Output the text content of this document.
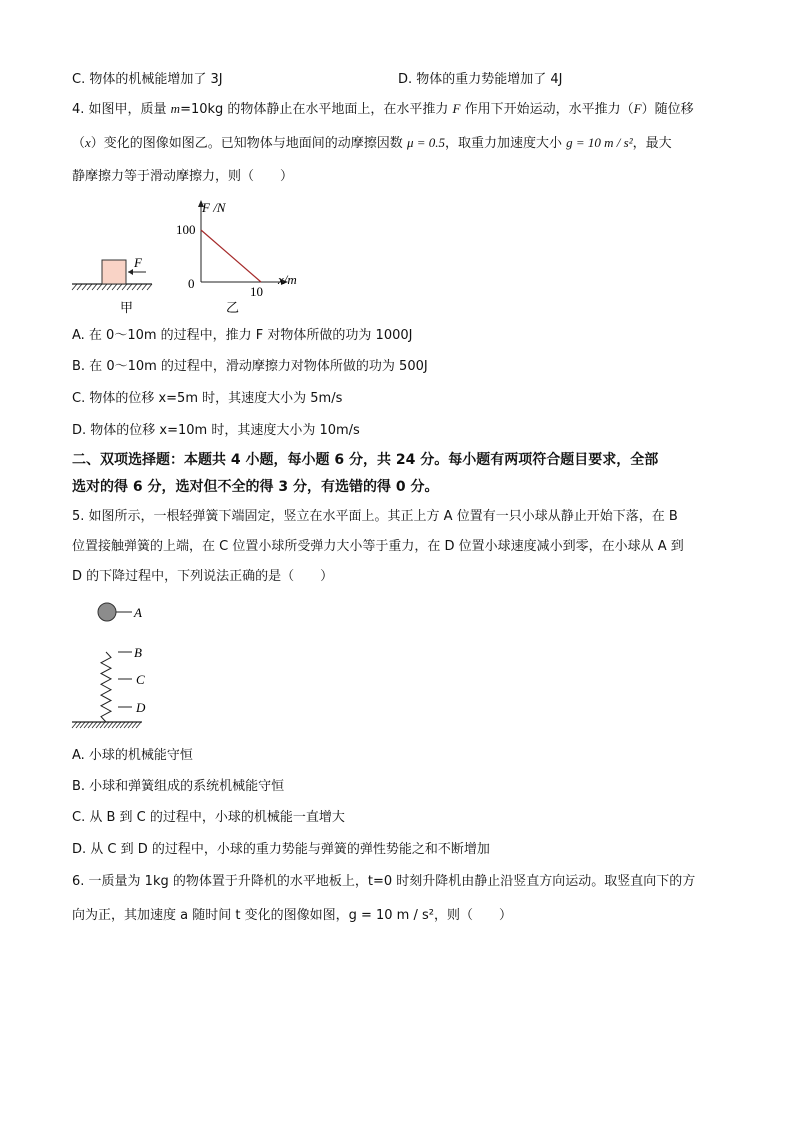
C. 物体的机械能增加了 3J	D. 物体的重力势能增加了 4J
4. 如图甲，质量 m=10kg 的物体静止在水平地面上，在水平推力 F 作用下开始运动，水平推力（F）随位移
（x）变化的图像如图乙。已知物体与地面间的动摩擦因数 μ = 0.5，取重力加速度大小 g = 10 m / s²，最大
静摩擦力等于滑动摩擦力，则（　　）
F
甲
F /N
x/m
100
0
10
乙
A. 在 0～10m 的过程中，推力 F 对物体所做的功为 1000J
B. 在 0～10m 的过程中，滑动摩擦力对物体所做的功为 500J
C. 物体的位移 x=5m 时，其速度大小为 5m/s
D. 物体的位移 x=10m 时，其速度大小为 10m/s
二、双项选择题：本题共 4 小题，每小题 6 分，共 24 分。每小题有两项符合题目要求，全部
选对的得 6 分，选对但不全的得 3 分，有选错的得 0 分。
5. 如图所示，一根轻弹簧下端固定，竖立在水平面上。其正上方 A 位置有一只小球从静止开始下落，在 B
位置接触弹簧的上端，在 C 位置小球所受弹力大小等于重力，在 D 位置小球速度减小到零，在小球从 A 到
D 的下降过程中，下列说法正确的是（　　）
A
B
C
D
A. 小球的机械能守恒
B. 小球和弹簧组成的系统机械能守恒
C. 从 B 到 C 的过程中，小球的机械能一直增大
D. 从 C 到 D 的过程中，小球的重力势能与弹簧的弹性势能之和不断增加
6. 一质量为 1kg 的物体置于升降机的水平地板上，t=0 时刻升降机由静止沿竖直方向运动。取竖直向下的方
向为正，其加速度 a 随时间 t 变化的图像如图，g = 10 m / s²，则（　　）
